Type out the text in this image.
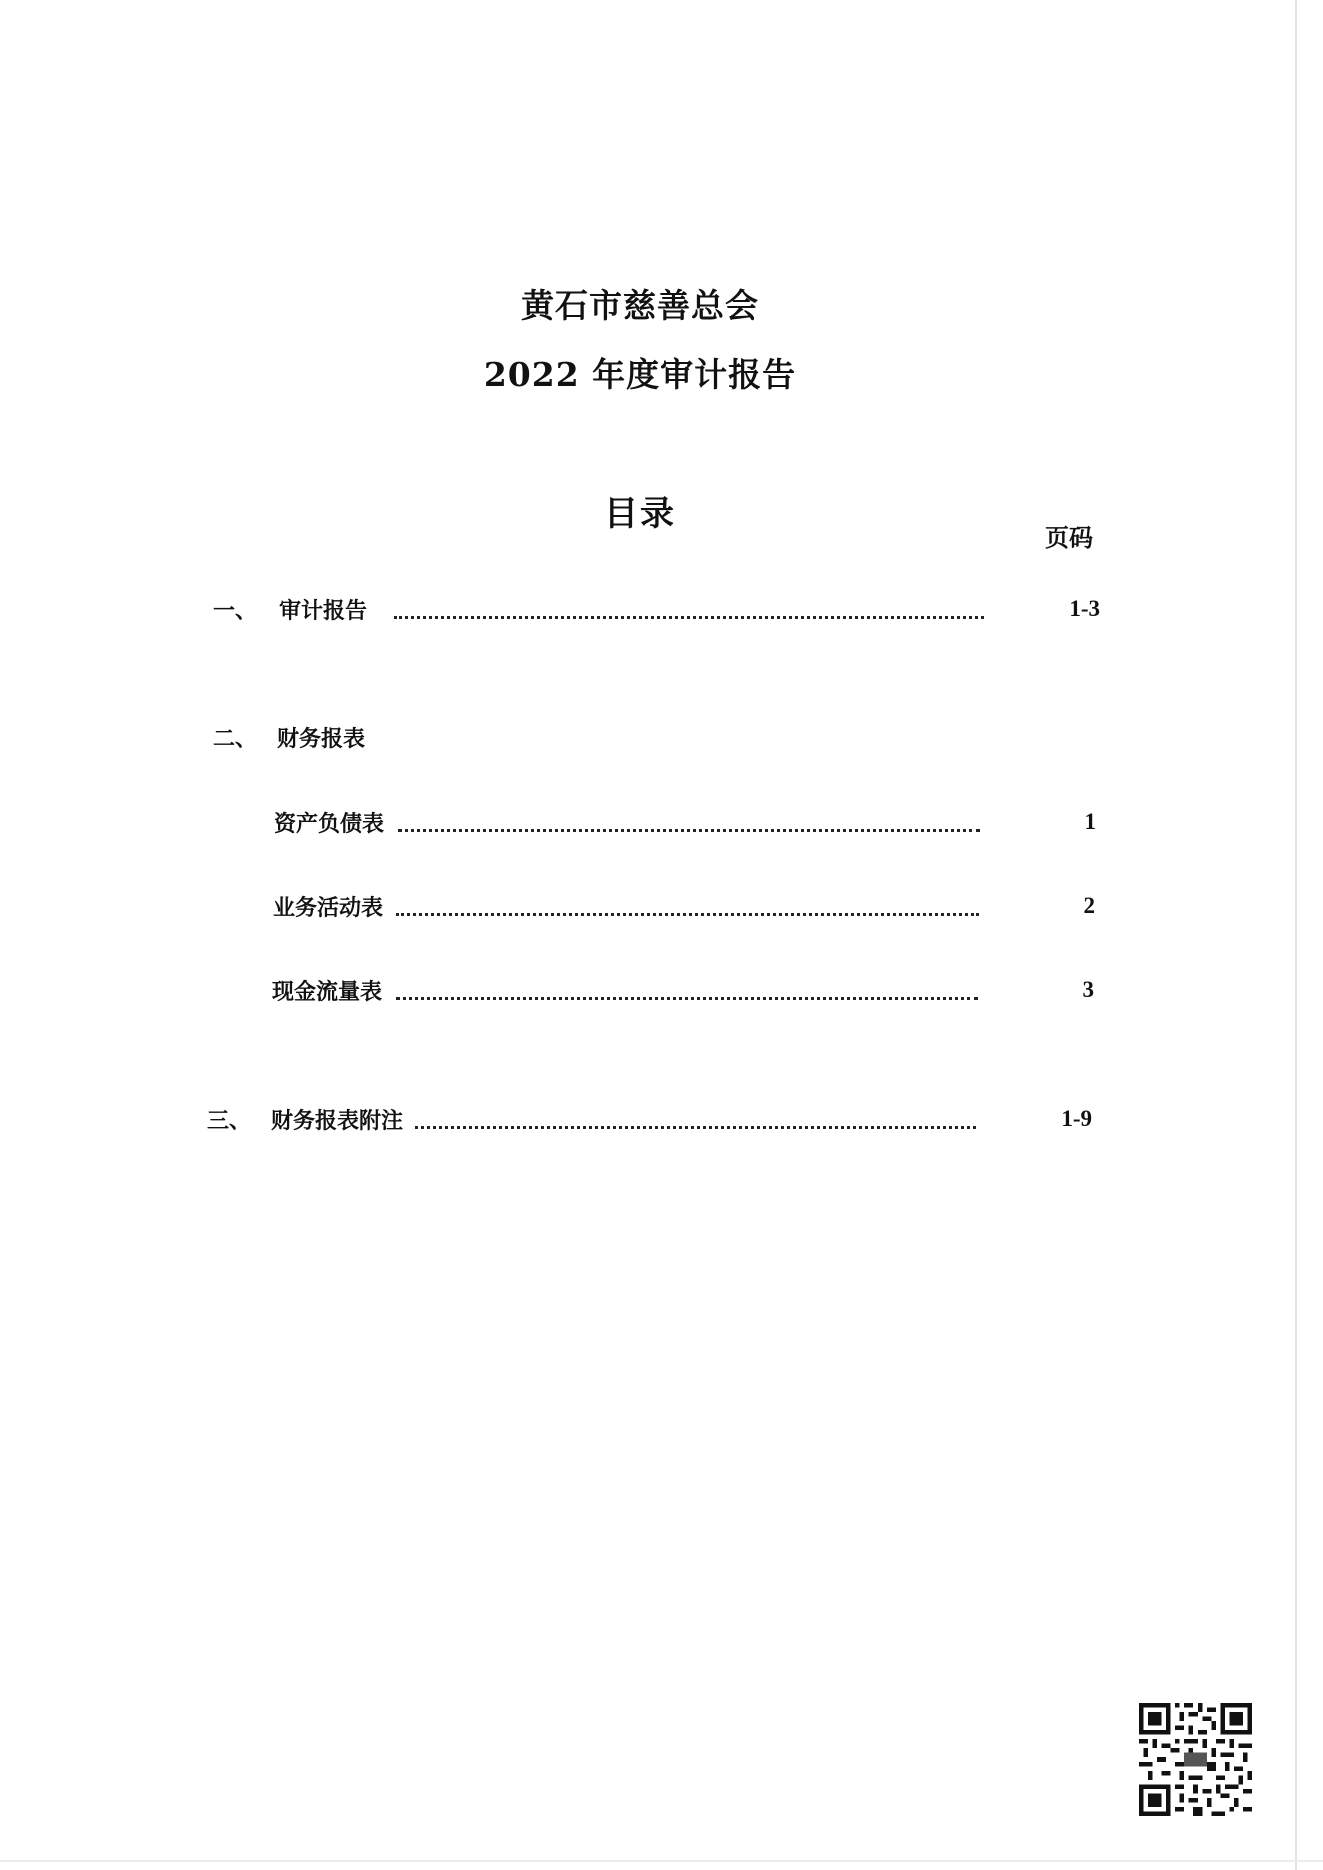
黄石市慈善总会
2022 年度审计报告
目录
页码
一、 审计报告	1-3
二、 财务报表
资产负债表	1
业务活动表	2
现金流量表	3
三、 财务报表附注	1-9
